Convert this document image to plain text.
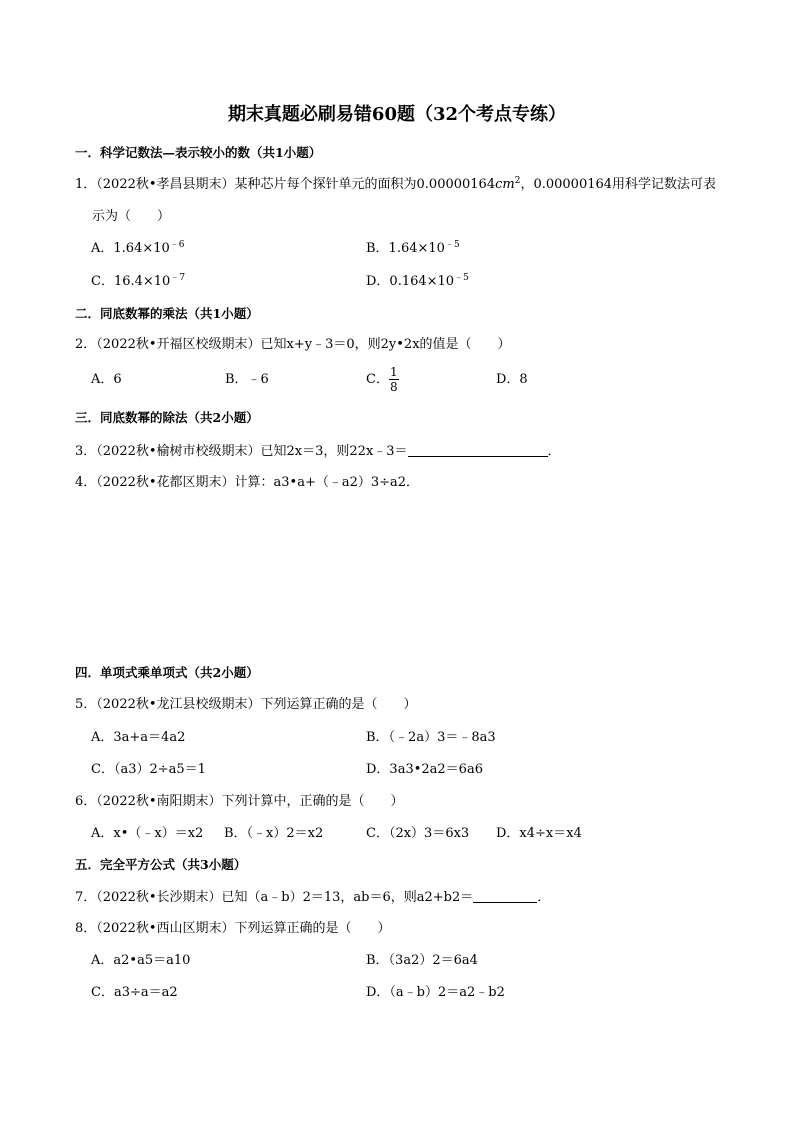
期末真题必刷易错60题（32个考点专练）
一．科学记数法—表示较小的数（共1小题）
1．（2022秋•孝昌县期末）某种芯片每个探针单元的面积为$0.00000164cm^2$，0.00000164用科学记数法可表
示为（　　）
A．$1.64\times 10^{﹣6}$	B．$1.64\times 10^{﹣5}$
C．$16.4\times 10^{﹣7}$	D．$0.164\times 10^{﹣5}$
二．同底数幂的乘法（共1小题）
2．（2022秋•开福区校级期末）已知x+y﹣3＝0，则2y•2x的值是（　　）
A．6	B．﹣6	C． $\frac{1}{8}$	D．8
三．同底数幂的除法（共2小题）
3．（2022秋•榆树市校级期末）已知2x＝3，则22x﹣3＝	．
4．（2022秋•花都区期末）计算：a3•a+（﹣a2）3÷a2．
四．单项式乘单项式（共2小题）
5．（2022秋•龙江县校级期末）下列运算正确的是（　　）
A．3a+a＝4a2	B．（﹣2a）3＝﹣8a3
C．（a3）2÷a5＝1	D．3a3•2a2＝6a6
6．（2022秋•南阳期末）下列计算中，正确的是（　　）
A．x•（﹣x）＝x2 B．（﹣x）2＝x2	C．（2x）3＝6x3 D．x4÷x＝x4
五．完全平方公式（共3小题）
7．（2022秋•长沙期末）已知（a﹣b）2＝13，ab＝6，则a2+b2＝	．
8．（2022秋•西山区期末）下列运算正确的是（　　）
A．a2•a5＝a10	B．（3a2）2＝6a4
C．a3÷a＝a2	D．（a﹣b）2＝a2﹣b2
